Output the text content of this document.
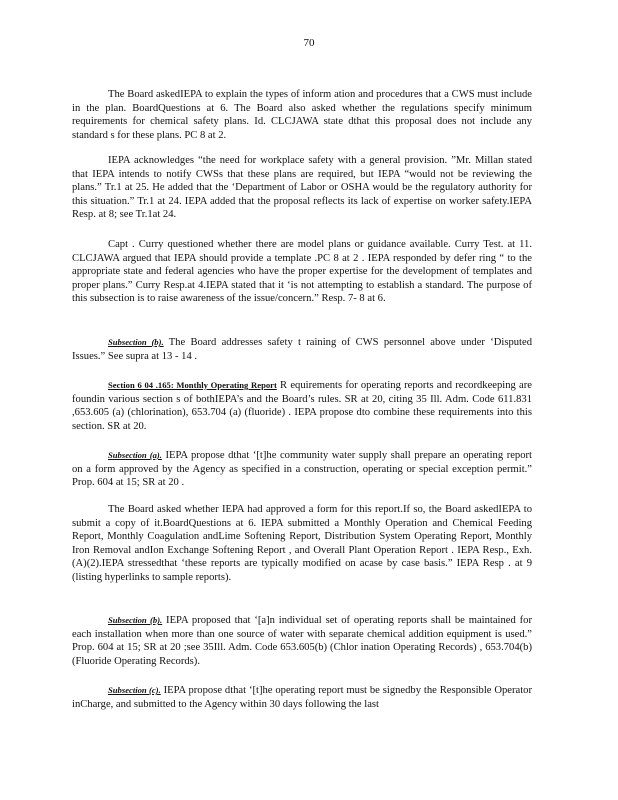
70

The Board askedIEPA to explain the types of inform ation and procedures that a CWS must include in the plan. BoardQuestions at 6. The Board also asked whether the regulations specify minimum requirements for chemical safety plans. Id. CLCJAWA state dthat this proposal does not include any standard s for these plans. PC 8 at 2.

IEPA acknowledges “the need for workplace safety with a general provision. ”Mr. Millan stated that IEPA intends to notify CWSs that these plans are required, but IEPA “would not be reviewing the plans.” Tr.1 at 25. He added that the ‘Department of Labor or OSHA would be the regulatory authority for this situation.” Tr.1 at 24. IEPA added that the proposal reflects its lack of expertise on worker safety.IEPA Resp. at 8; see Tr.1at 24.

Capt . Curry questioned whether there are model plans or guidance available. Curry Test. at 11. CLCJAWA argued that IEPA should provide a template .PC 8 at 2 . IEPA responded by defer ring “ to the appropriate state and federal agencies who have the proper expertise for the development of templates and proper plans.” Curry Resp.at 4.IEPA stated that it ‘is not attempting to establish a standard. The purpose of this subsection is to raise awareness of the issue/concern.” Resp. 7- 8 at 6.

Subsection (b). The Board addresses safety t raining of CWS personnel above under ‘Disputed Issues.” See supra at 13 - 14 .

Section 6 04 .165: Monthly Operating Report R equirements for operating reports and recordkeeping are foundin various section s of bothIEPA’s and the Board’s rules. SR at 20, citing 35 Ill. Adm. Code 611.831 ,653.605 (a) (chlorination), 653.704 (a) (fluoride) . IEPA propose dto combine these requirements into this section. SR at 20.

Subsection (a). IEPA propose dthat ‘[t]he community water supply shall prepare an operating report on a form approved by the Agency as specified in a construction, operating or special exception permit.” Prop. 604 at 15; SR at 20 .

The Board asked whether IEPA had approved a form for this report.If so, the Board askedIEPA to submit a copy of it.BoardQuestions at 6. IEPA submitted a Monthly Operation and Chemical Feeding Report, Monthly Coagulation andLime Softening Report, Distribution System Operating Report, Monthly Iron Removal andIon Exchange Softening Report , and Overall Plant Operation Report . IEPA Resp., Exh. (A)(2).IEPA stressedthat ‘these reports are typically modified on acase by case basis.” IEPA Resp . at 9 (listing hyperlinks to sample reports).

Subsection (b). IEPA proposed that ‘[a]n individual set of operating reports shall be maintained for each installation when more than one source of water with separate chemical addition equipment is used.” Prop. 604 at 15; SR at 20 ;see 35Ill. Adm. Code 653.605(b) (Chlor ination Operating Records) , 653.704(b) (Fluoride Operating Records).

Subsection (c). IEPA propose dthat ‘[t]he operating report must be signedby the Responsible Operator inCharge, and submitted to the Agency within 30 days following the last
